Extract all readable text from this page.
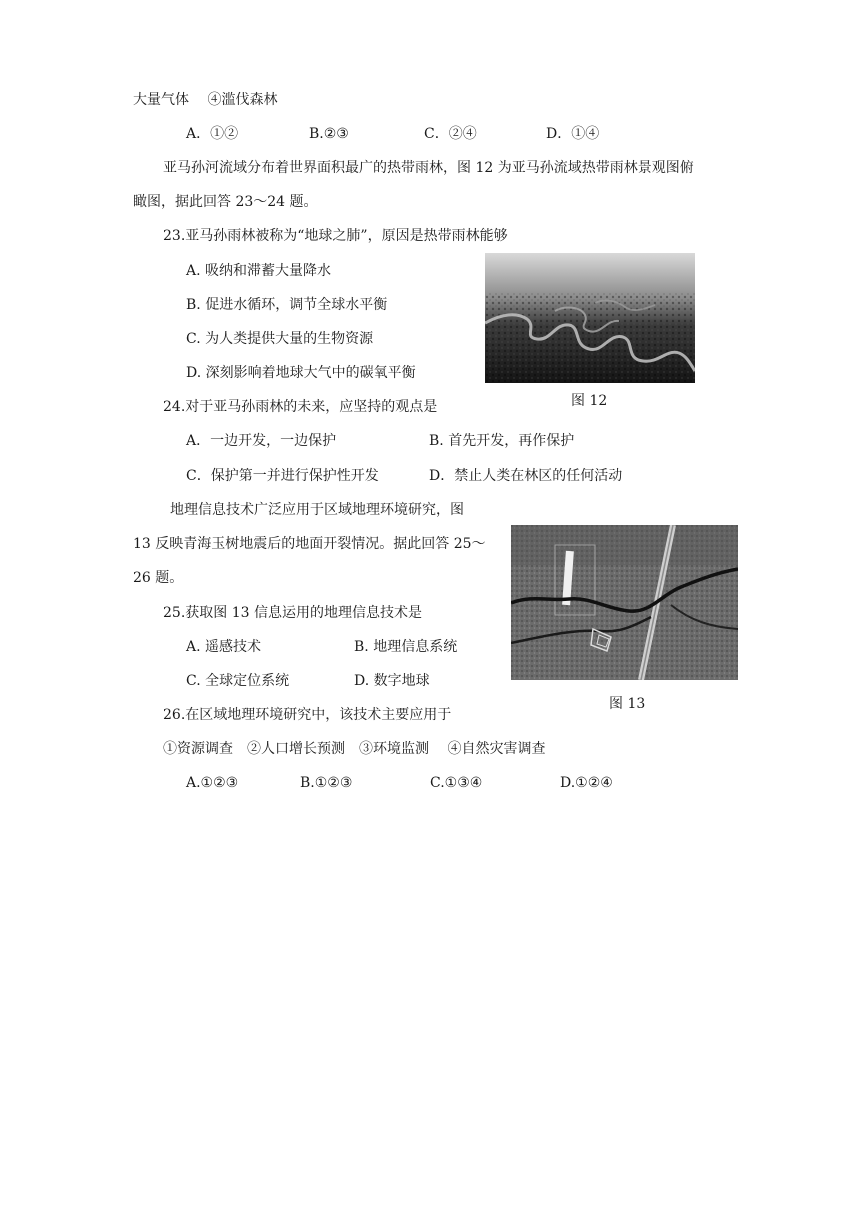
大量气体　 ④滥伐森林
A．①②	B.②③	C．②④	D．①④
亚马孙河流域分布着世界面积最广的热带雨林，图 12 为亚马孙流域热带雨林景观图俯
瞰图，据此回答 23～24 题。
23.亚马孙雨林被称为“地球之肺”，原因是热带雨林能够
A. 吸纳和滞蓄大量降水
B. 促进水循环，调节全球水平衡
C. 为人类提供大量的生物资源
D. 深刻影响着地球大气中的碳氧平衡
图 12
24.对于亚马孙雨林的未来，应坚持的观点是
A．一边开发，一边保护	B. 首先开发，再作保护
C．保护第一并进行保护性开发	D．禁止人类在林区的任何活动
地理信息技术广泛应用于区域地理环境研究，图
13 反映青海玉树地震后的地面开裂情况。据此回答 25～
26 题。
25.获取图 13 信息运用的地理信息技术是
A. 遥感技术	B. 地理信息系统
C. 全球定位系统	D. 数字地球
图 13
26.在区域地理环境研究中，该技术主要应用于
①资源调查　②人口增长预测　③环境监测　 ④自然灾害调查
A.①②③	B.①②③	C.①③④	D.①②④
